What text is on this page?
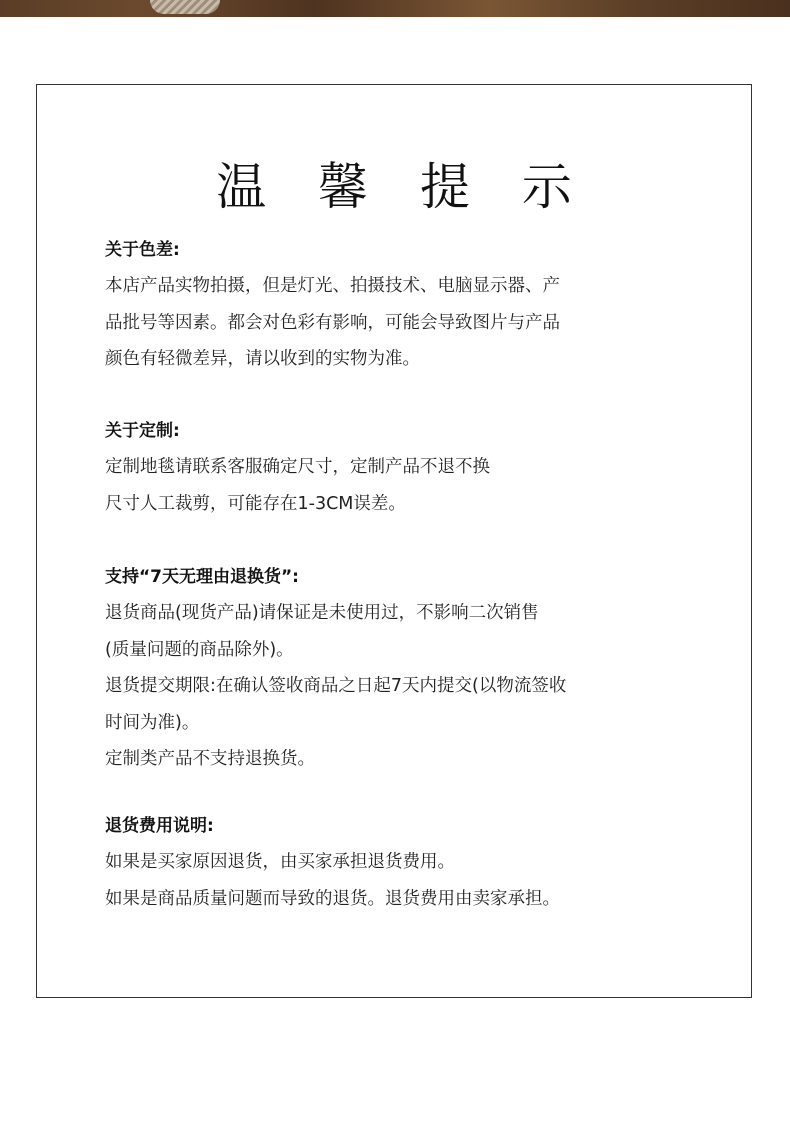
温 馨 提 示
关于色差:
本店产品实物拍摄，但是灯光、拍摄技术、电脑显示器、产
品批号等因素。都会对色彩有影响，可能会导致图片与产品
颜色有轻微差异，请以收到的实物为准。
关于定制:
定制地毯请联系客服确定尺寸，定制产品不退不换
尺寸人工裁剪，可能存在1-3CM误差。
支持“7天无理由退换货”:
退货商品(现货产品)请保证是未使用过，不影响二次销售
(质量问题的商品除外)。
退货提交期限:在确认签收商品之日起7天内提交(以物流签收
时间为准)。
定制类产品不支持退换货。
退货费用说明:
如果是买家原因退货，由买家承担退货费用。
如果是商品质量问题而导致的退货。退货费用由卖家承担。
